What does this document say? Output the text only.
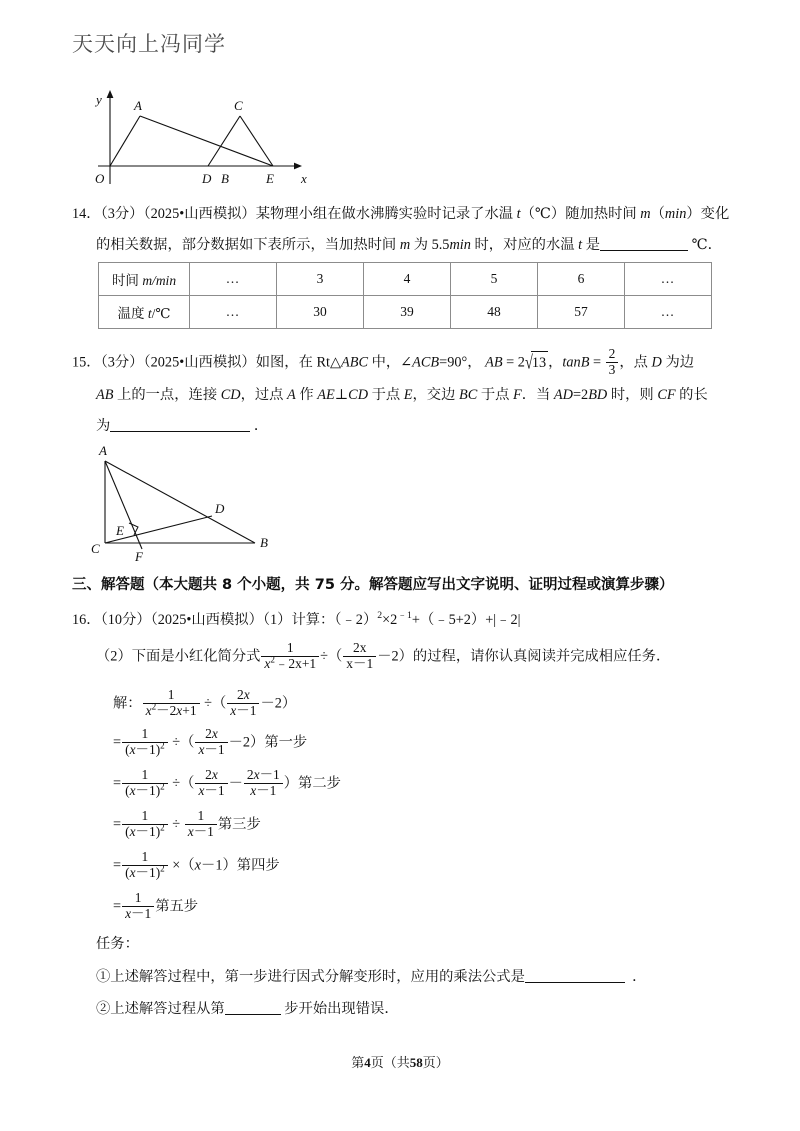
天天向上冯同学
O
A	C
D B	E
y
x
14．（3分）（2025•山西模拟）某物理小组在做水沸腾实验时记录了水温 t（℃）随加热时间 m（min）变化
的相关数据，部分数据如下表所示，当加热时间 m 为 5.5min 时，对应的水温 t 是	℃．
时间 m/min	…	3	4	5	6	…
温度 t/℃	…	30	39	48	57	…
15．（3分）（2025•山西模拟）如图，在 Rt△ABC 中，∠ACB=90°， AB = 2√13 ，$\tan B = \frac{2}{3}$ ，点 D 为边
AB 上的一点，连接 CD，过点 A 作 AE⊥CD 于点 E，交边 BC 于点 F．当 AD=2BD 时，则 CF 的长
为	．
A
B
C
D
E
F
三、解答题（本大题共 8 个小题，共 75 分。解答题应写出文字说明、证明过程或演算步骤）
16．（10分）（2025•山西模拟）（1）计算：$(﹣2)^2\times 2^{﹣1}+(﹣5+2)+|﹣2|$
（2）下面是小红化简分式 $\frac{1}{x^2﹣2x+1}$ ÷（ $\frac{2x}{x-1} -2$）的过程，请你认真阅读并完成相应任务．
解： $\frac{1}{x^2-2x+1}$ ÷（ $\frac{2x}{x-1} -2$）
= $\frac{1}{(x-1)^2}$ ÷（ $\frac{2x}{x-1} -2$）第一步
= $\frac{1}{(x-1)^2}$ ÷（ $\frac{2x}{x-1} - \frac{2x-1}{x-1}$ ）第二步
= $\frac{1}{(x-1)^2} \div \frac{1}{x-1}$ 第三步
= $\frac{1}{(x-1)^2} \times(x-1)$第四步
= $\frac{1}{x-1}$ 第五步
任务：
①上述解答过程中，第一步进行因式分解变形时，应用的乘法公式是	．
②上述解答过程从第	步开始出现错误．
第4页（共58页）
